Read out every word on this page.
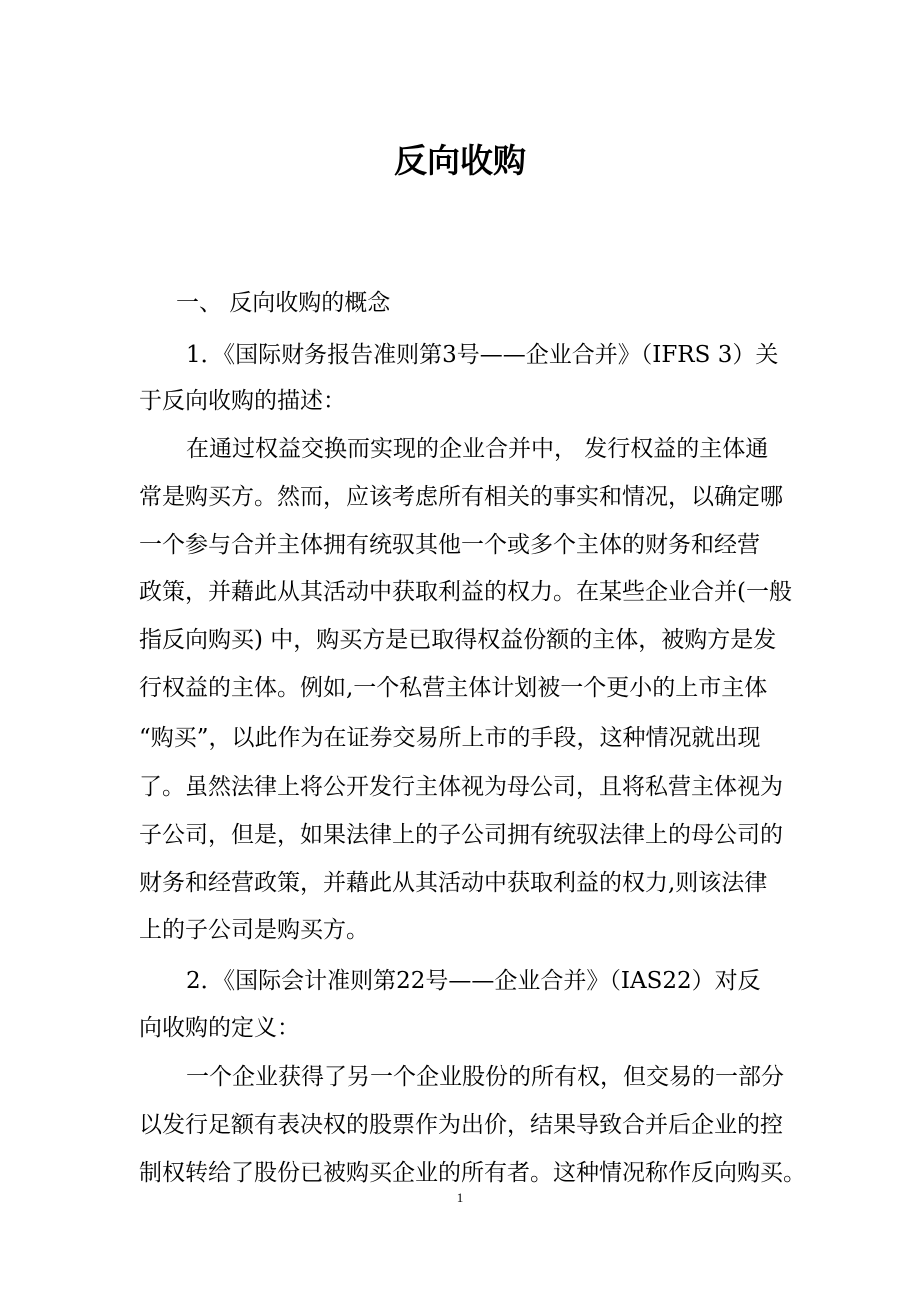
反向收购
一、 反向收购的概念
1．《国际财务报告准则第3号——企业合并》（IFRS 3）关
于反向收购的描述：
在通过权益交换而实现的企业合并中， 发行权益的主体通
常是购买方。然而，应该考虑所有相关的事实和情况，以确定哪
一个参与合并主体拥有统驭其他一个或多个主体的财务和经营
政策，并藉此从其活动中获取利益的权力。在某些企业合并(一般
指反向购买) 中，购买方是已取得权益份额的主体，被购方是发
行权益的主体。例如,一个私营主体计划被一个更小的上市主体
“购买”，以此作为在证券交易所上市的手段，这种情况就出现
了。虽然法律上将公开发行主体视为母公司，且将私营主体视为
子公司，但是，如果法律上的子公司拥有统驭法律上的母公司的
财务和经营政策，并藉此从其活动中获取利益的权力,则该法律
上的子公司是购买方。
2．《国际会计准则第22号——企业合并》（IAS22）对反
向收购的定义：
一个企业获得了另一个企业股份的所有权，但交易的一部分
以发行足额有表决权的股票作为出价，结果导致合并后企业的控
制权转给了股份已被购买企业的所有者。这种情况称作反向购买。
1
